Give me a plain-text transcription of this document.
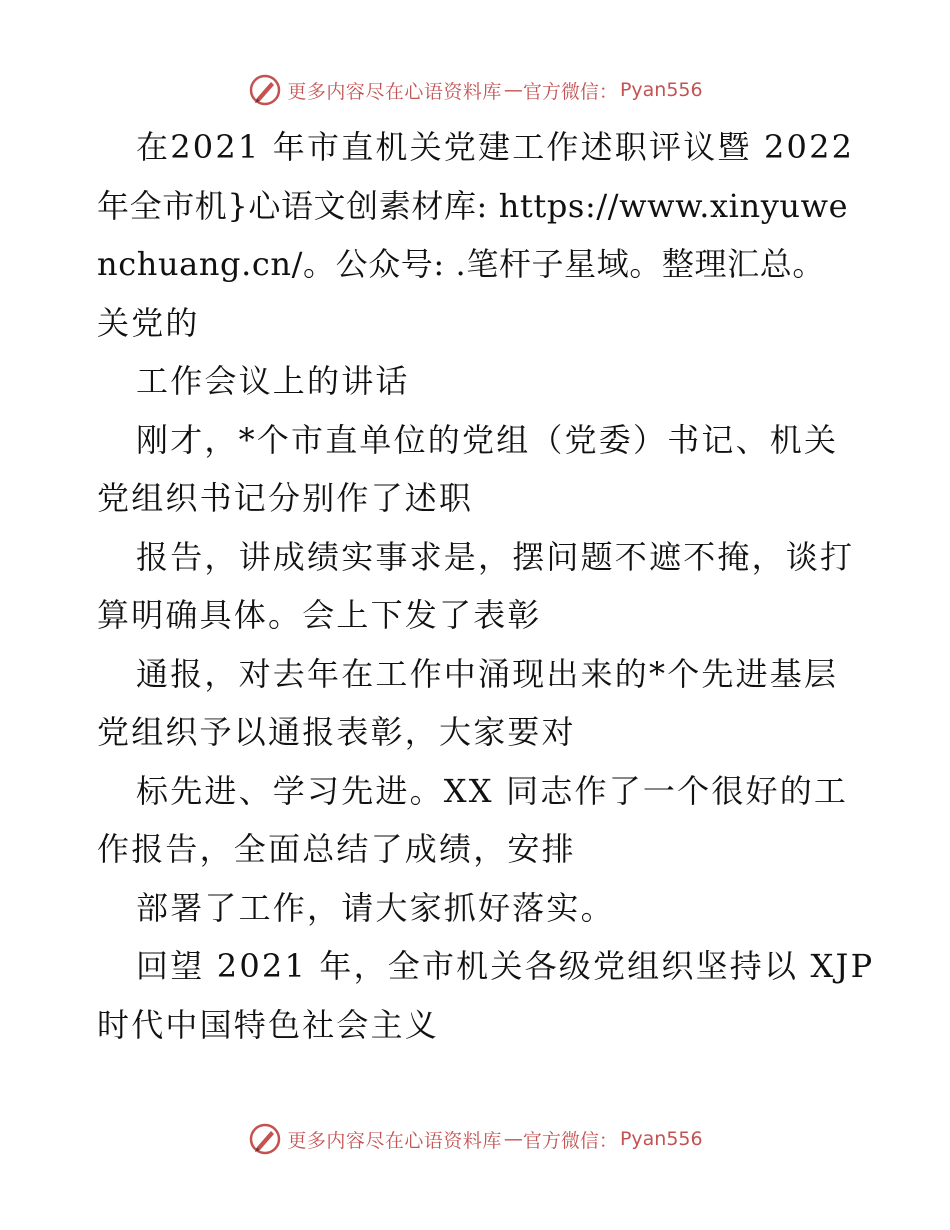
更多内容尽在心语资料库 — 官方微信： Pyan556
在2021 年市直机关党建工作述职评议暨 2022
年全市机}心语文创素材库: https://www.xinyuwe
nchuang.cn/。公众号: .笔杆子星域。整理汇总。
关党的
工作会议上的讲话
刚才，*个市直单位的党组（党委）书记、机关
党组织书记分别作了述职
报告，讲成绩实事求是，摆问题不遮不掩，谈打
算明确具体。会上下发了表彰
通报，对去年在工作中涌现出来的*个先进基层
党组织予以通报表彰，大家要对
标先进、学习先进。XX 同志作了一个很好的工
作报告，全面总结了成绩，安排
部署了工作，请大家抓好落实。
回望 2021 年，全市机关各级党组织坚持以 XJP
时代中国特色社会主义
更多内容尽在心语资料库 — 官方微信： Pyan556
